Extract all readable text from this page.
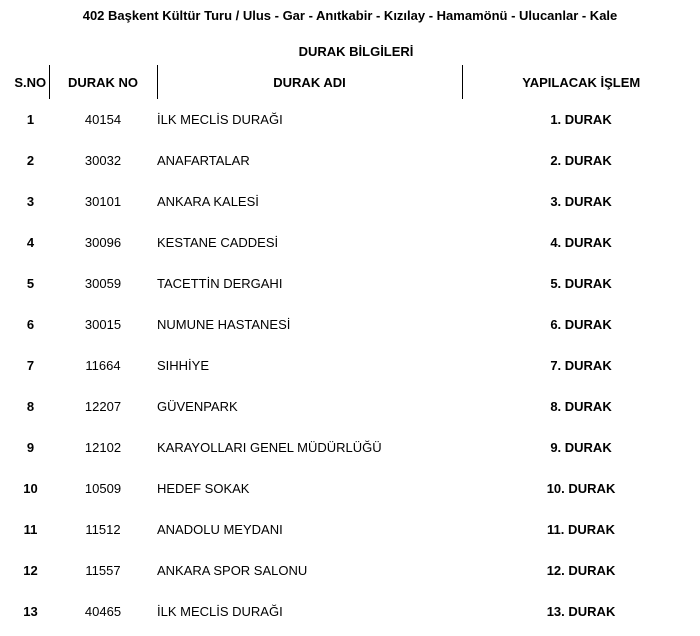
402 Başkent Kültür Turu / Ulus - Gar - Anıtkabir - Kızılay - Hamamönü - Ulucanlar - Kale
DURAK BİLGİLERİ			
S.NO	DURAK NO	DURAK ADI	YAPILACAK İŞLEM
1	40154	İLK MECLİS DURAĞI	1. DURAK
2	30032	ANAFARTALAR	2. DURAK
3	30101	ANKARA KALESİ	3. DURAK
4	30096	KESTANE CADDESİ	4. DURAK
5	30059	TACETTİN DERGAHI	5. DURAK
6	30015	NUMUNE HASTANESİ	6. DURAK
7	11664	SIHHİYE	7. DURAK
8	12207	GÜVENPARK	8. DURAK
9	12102	KARAYOLLARI GENEL MÜDÜRLÜĞÜ	9. DURAK
10	10509	HEDEF SOKAK	10. DURAK
11	11512	ANADOLU MEYDANI	11. DURAK
12	11557	ANKARA SPOR SALONU	12. DURAK
13	40465	İLK MECLİS DURAĞI	13. DURAK
